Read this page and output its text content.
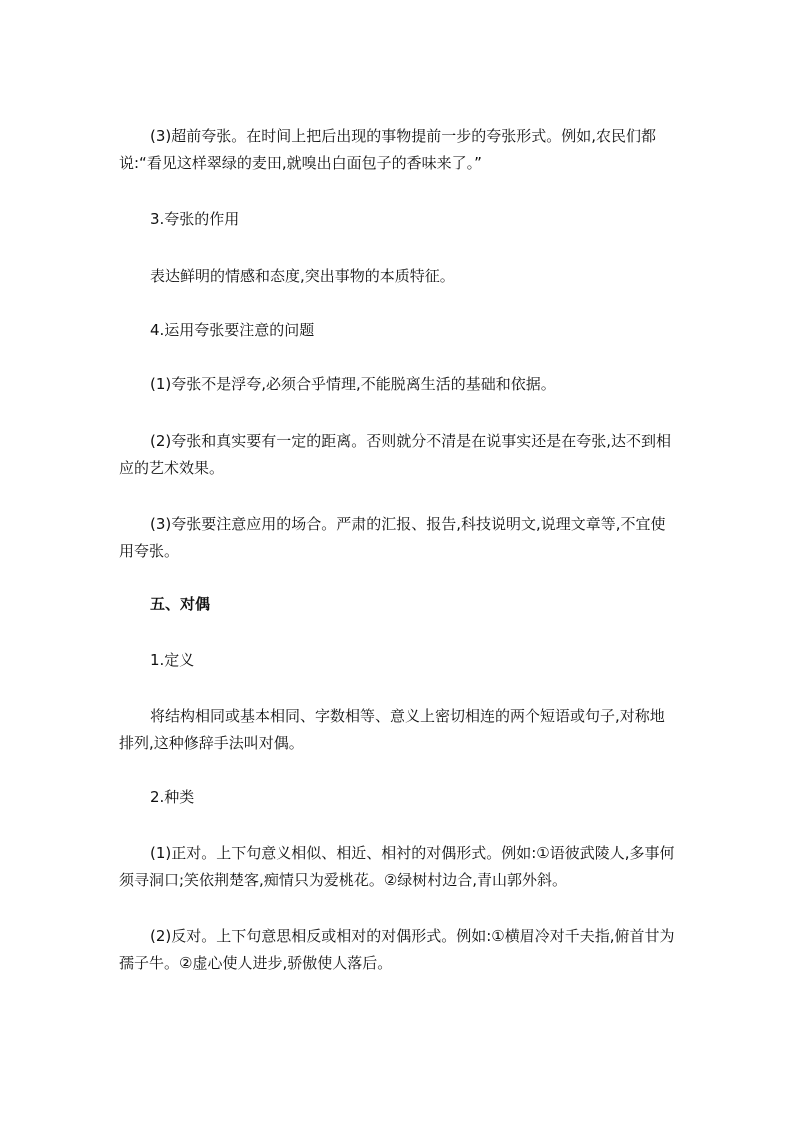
(3)超前夸张。在时间上把后出现的事物提前一步的夸张形式。例如,农民们都说:“看见这样翠绿的麦田,就嗅出白面包子的香味来了。”

3.夸张的作用

表达鲜明的情感和态度,突出事物的本质特征。

4.运用夸张要注意的问题

(1)夸张不是浮夸,必须合乎情理,不能脱离生活的基础和依据。

(2)夸张和真实要有一定的距离。否则就分不清是在说事实还是在夸张,达不到相应的艺术效果。

(3)夸张要注意应用的场合。严肃的汇报、报告,科技说明文,说理文章等,不宜使用夸张。

五、对偶

1.定义

将结构相同或基本相同、字数相等、意义上密切相连的两个短语或句子,对称地排列,这种修辞手法叫对偶。

2.种类

(1)正对。上下句意义相似、相近、相衬的对偶形式。例如:①语彼武陵人,多事何须寻洞口;笑依荆楚客,痴情只为爱桃花。②绿树村边合,青山郭外斜。

(2)反对。上下句意思相反或相对的对偶形式。例如:①横眉冷对千夫指,俯首甘为孺子牛。②虚心使人进步,骄傲使人落后。
